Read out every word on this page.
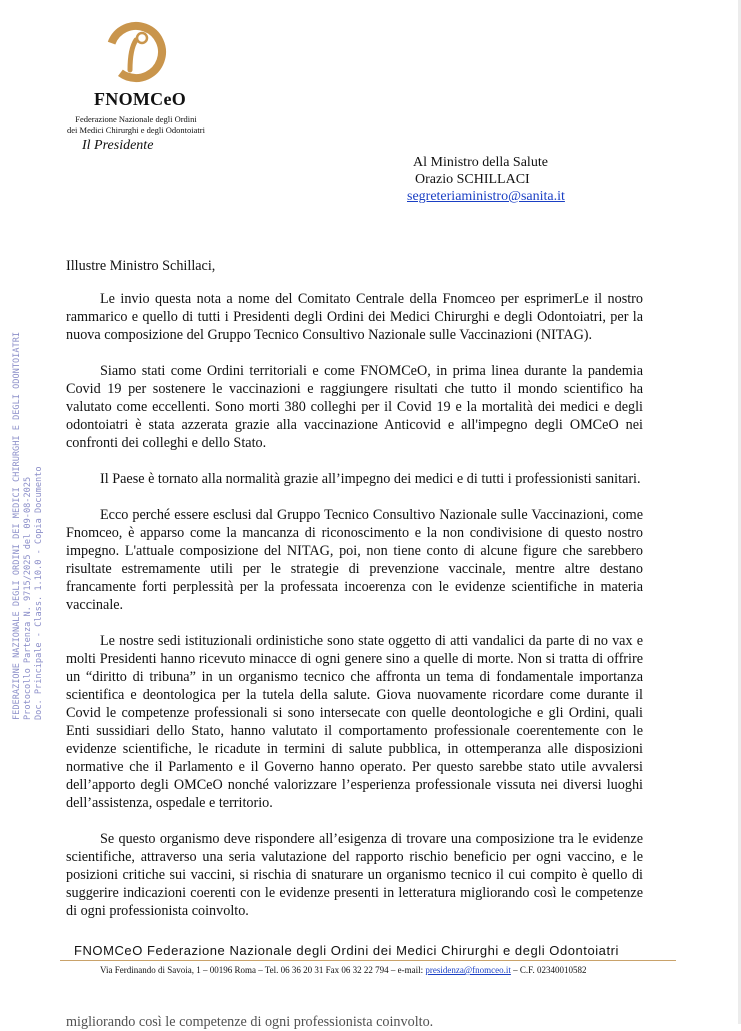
FNOMCeO
Federazione Nazionale degli Ordini
dei Medici Chirurghi e degli Odontoiatri
Il Presidente
Al Ministro della Salute
Orazio SCHILLACI
segreteriaministro@sanita.it
FEDERAZIONE NAZIONALE DEGLI ORDINI DEI MEDICI CHIRURGHI E DEGLI ODONTOIATRI Protocollo Partenza N. 9715/2025 del 09-08-2025 Doc. Principale - Class. 1.10.0 - Copia Documento
Illustre Ministro Schillaci,

Le invio questa nota a nome del Comitato Centrale della Fnomceo per esprimerLe il nostro rammarico e quello di tutti i Presidenti degli Ordini dei Medici Chirurghi e degli Odontoiatri, per la nuova composizione del Gruppo Tecnico Consultivo Nazionale sulle Vaccinazioni (NITAG).

Siamo stati come Ordini territoriali e come FNOMCeO, in prima linea durante la pandemia Covid 19 per sostenere le vaccinazioni e raggiungere risultati che tutto il mondo scientifico ha valutato come eccellenti. Sono morti 380 colleghi per il Covid 19 e la mortalità dei medici e degli odontoiatri è stata azzerata grazie alla vaccinazione Anticovid e all'impegno degli OMCeO nei confronti dei colleghi e dello Stato.

Il Paese è tornato alla normalità grazie all’impegno dei medici e di tutti i professionisti sanitari.

Ecco perché essere esclusi dal Gruppo Tecnico Consultivo Nazionale sulle Vaccinazioni, come Fnomceo, è apparso come la mancanza di riconoscimento e la non condivisione di questo nostro impegno. L'attuale composizione del NITAG, poi, non tiene conto di alcune figure che sarebbero risultate estremamente utili per le strategie di prevenzione vaccinale, mentre altre destano francamente forti perplessità per la professata incoerenza con le evidenze scientifiche in materia vaccinale.

Le nostre sedi istituzionali ordinistiche sono state oggetto di atti vandalici da parte di no vax e molti Presidenti hanno ricevuto minacce di ogni genere sino a quelle di morte. Non si tratta di offrire un “diritto di tribuna” in un organismo tecnico che affronta un tema di fondamentale importanza scientifica e deontologica per la tutela della salute. Giova nuovamente ricordare come durante il Covid le competenze professionali si sono intersecate con quelle deontologiche e gli Ordini, quali Enti sussidiari dello Stato, hanno valutato il comportamento professionale coerentemente con le evidenze scientifiche, le ricadute in termini di salute pubblica, in ottemperanza alle disposizioni normative che il Parlamento e il Governo hanno operato. Per questo sarebbe stato utile avvalersi dell’apporto degli OMCeO nonché valorizzare l’esperienza professionale vissuta nei diversi luoghi dell’assistenza, ospedale e territorio.

Se questo organismo deve rispondere all’esigenza di trovare una composizione tra le evidenze scientifiche, attraverso una seria valutazione del rapporto rischio beneficio per ogni vaccino, e le posizioni critiche sui vaccini, si rischia di snaturare un organismo tecnico il cui compito è quello di suggerire indicazioni coerenti con le evidenze presenti in letteratura migliorando così le competenze di ogni professionista coinvolto.

FNOMCeO Federazione Nazionale degli Ordini dei Medici Chirurghi e degli Odontoiatri
Via Ferdinando di Savoia, 1 – 00196 Roma – Tel. 06 36 20 31 Fax 06 32 22 794 – e-mail: presidenza@fnomceo.it – C.F. 02340010582
migliorando così le competenze di ogni professionista coinvolto.
